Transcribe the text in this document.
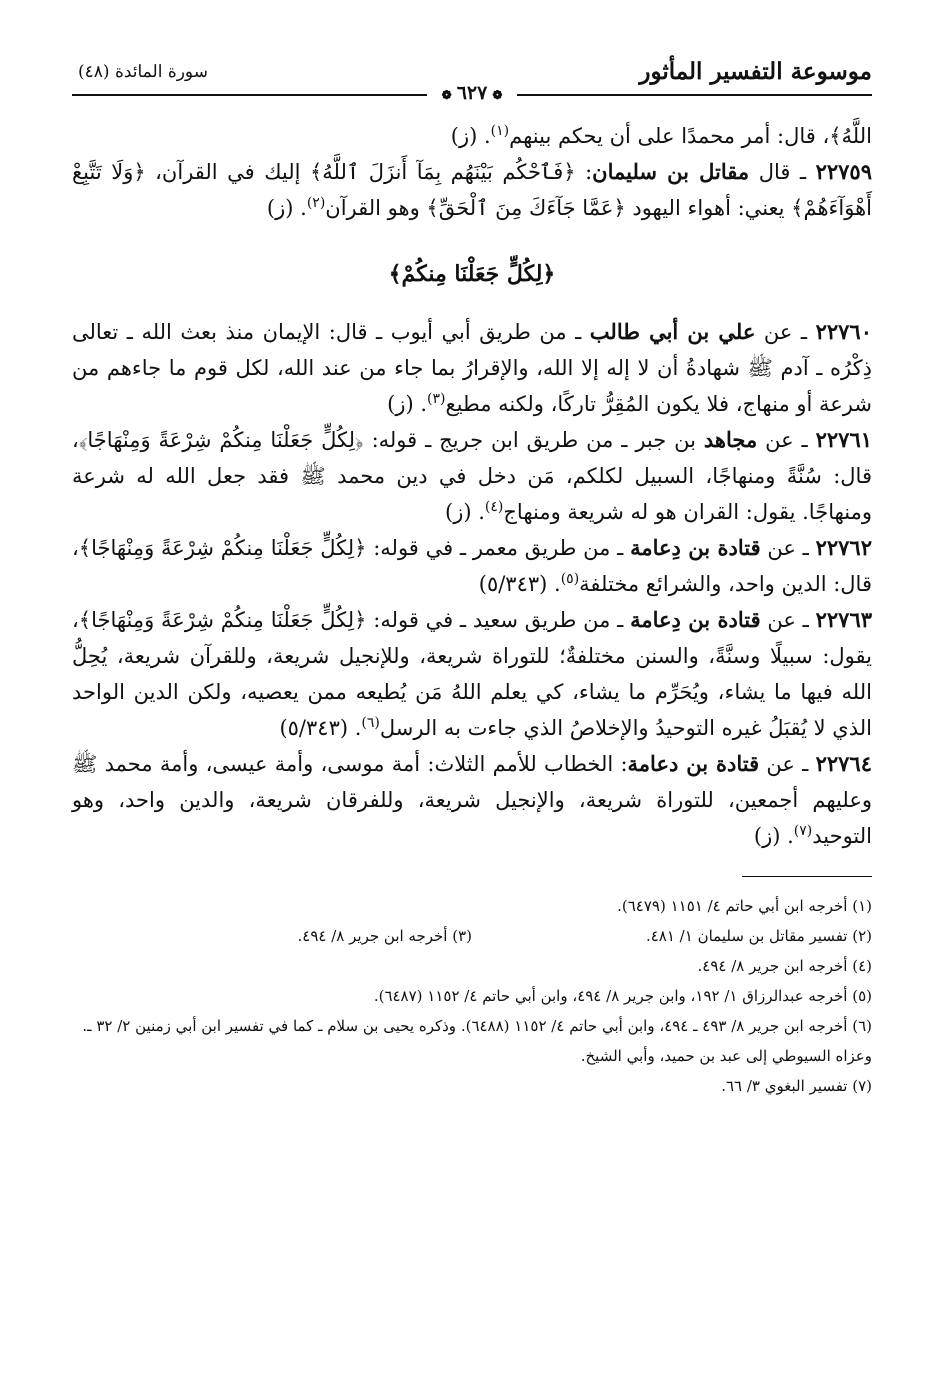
موسوعة التفسير المأثور
سورة المائدة (٤٨)
❁ ٦٢٧ ❁

اللَّهُ﴾، قال: أمر محمدًا على أن يحكم بينهم$^{(١)}$. (ز)

٢٢٧٥٩ ـ قال مقاتل بن سليمان: ﴿فَٱحْكُم بَيْنَهُم بِمَآ أَنزَلَ ٱللَّهُ﴾ إليك في القرآن، ﴿وَلَا تَتَّبِعْ أَهْوَآءَهُمْ﴾ يعني: أهواء اليهود ﴿عَمَّا جَآءَكَ مِنَ ٱلْحَقِّ﴾ وهو القرآن$^{(٢)}$. (ز)

﴿لِكُلٍّ جَعَلْنَا مِنكُمْ﴾

٢٢٧٦٠ ـ عن علي بن أبي طالب ـ من طريق أبي أيوب ـ قال: الإيمان منذ بعث الله ـ تعالى ذِكْرُه ـ آدم ﷺ شهادةُ أن لا إله إلا الله، والإقرارُ بما جاء من عند الله، لكل قوم ما جاءهم من شرعة أو منهاج، فلا يكون المُقِرُّ تاركًا، ولكنه مطيع$^{(٣)}$. (ز)

٢٢٧٦١ ـ عن مجاهد بن جبر ـ من طريق ابن جريج ـ قوله: ﴿لِكُلٍّ جَعَلْنَا مِنكُمْ شِرْعَةً وَمِنْهَاجًا﴾، قال: سُنَّةً ومنهاجًا، السبيل لكلكم، مَن دخل في دين محمد ﷺ فقد جعل الله له شرعة ومنهاجًا. يقول: القران هو له شريعة ومنهاج$^{(٤)}$. (ز)

٢٢٧٦٢ ـ عن قتادة بن دِعامة ـ من طريق معمر ـ في قوله: ﴿لِكُلٍّ جَعَلْنَا مِنكُمْ شِرْعَةً وَمِنْهَاجًا﴾، قال: الدين واحد، والشرائع مختلفة$^{(٥)}$. (٥/٣٤٣)

٢٢٧٦٣ ـ عن قتادة بن دِعامة ـ من طريق سعيد ـ في قوله: ﴿لِكُلٍّ جَعَلْنَا مِنكُمْ شِرْعَةً وَمِنْهَاجًا﴾، يقول: سبيلًا وسنَّةً، والسنن مختلفةٌ؛ للتوراة شريعة، وللإنجيل شريعة، وللقرآن شريعة، يُحِلُّ الله فيها ما يشاء، ويُحَرِّم ما يشاء، كي يعلم اللهُ مَن يُطيعه ممن يعصيه، ولكن الدين الواحد الذي لا يُقبَلُ غيره التوحيدُ والإخلاصُ الذي جاءت به الرسل$^{(٦)}$. (٥/٣٤٣)

٢٢٧٦٤ ـ عن قتادة بن دعامة: الخطاب للأمم الثلاث: أمة موسى، وأمة عيسى، وأمة محمد ﷺ وعليهم أجمعين، للتوراة شريعة، والإنجيل شريعة، وللفرقان شريعة، والدين واحد، وهو التوحيد$^{(٧)}$. (ز)

(١) أخرجه ابن أبي حاتم ٤/ ١١٥١ (٦٤٧٩).

(٢) تفسير مقاتل بن سليمان ١/ ٤٨١.

(٣) أخرجه ابن جرير ٨/ ٤٩٤.

(٤) أخرجه ابن جرير ٨/ ٤٩٤.

(٥) أخرجه عبدالرزاق ١/ ١٩٢، وابن جرير ٨/ ٤٩٤، وابن أبي حاتم ٤/ ١١٥٢ (٦٤٨٧).

(٦) أخرجه ابن جرير ٨/ ٤٩٣ ـ ٤٩٤، وابن أبي حاتم ٤/ ١١٥٢ (٦٤٨٨). وذكره يحيى بن سلام ـ كما في تفسير ابن أبي زمنين ٢/ ٣٢ ـ. وعزاه السيوطي إلى عبد بن حميد، وأبي الشيخ.

(٧) تفسير البغوي ٣/ ٦٦.
